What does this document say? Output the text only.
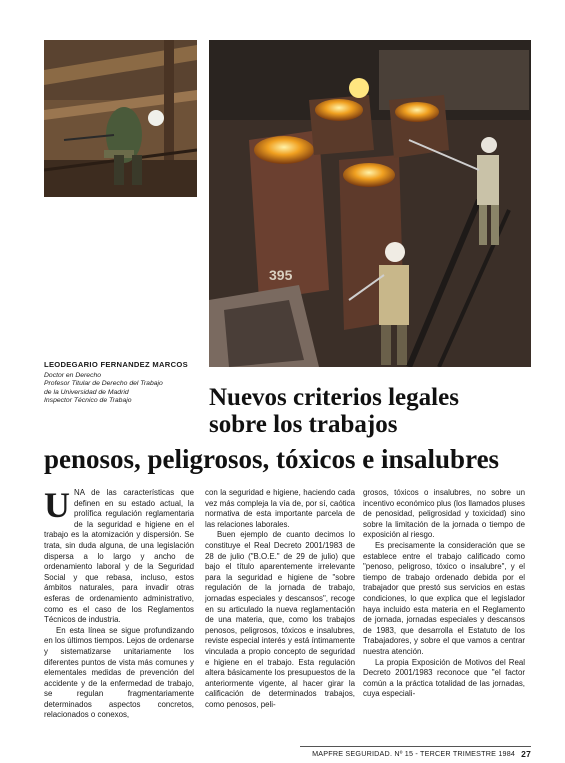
395
LEODEGARIO FERNANDEZ MARCOS
Doctor en Derecho
Profesor Titular de Derecho del Trabajo
de la Universidad de Madrid
Inspector Técnico de Trabajo	Nuevos criterios legales
sobre los trabajos
penosos, peligrosos, tóxicos e insalubres

UNA de las características que definen en su estado actual, la prolífica regulación reglamentaria de la seguridad e higiene en el trabajo es la atomización y dispersión. Se trata, sin duda alguna, de una legislación dispersa a lo largo y ancho de ordenamiento laboral y de la Seguridad Social y que rebasa, incluso, estos ámbitos naturales, para invadir otras esferas de ordenamiento administrativo, como es el caso de los Reglamentos Técnicos de industria.

En esta línea se sigue profundizando en los últimos tiempos. Lejos de ordenarse y sistematizarse unitariamente los diferentes puntos de vista más comunes y elementales medidas de prevención del accidente y de la enfermedad de trabajo, se regulan fragmentariamente determinados aspectos concretos, relacionados o conexos,

con la seguridad e higiene, haciendo cada vez más compleja la vía de, por sí, caótica normativa de esta importante parcela de las relaciones laborales.

Buen ejemplo de cuanto decimos lo constituye el Real Decreto 2001/1983 de 28 de julio ("B.O.E." de 29 de julio) que bajo el título aparentemente irrelevante para la seguridad e higiene de "sobre regulación de la jornada de trabajo, jornadas especiales y descansos", recoge en su articulado la nueva reglamentación de una materia, que, como los trabajos penosos, peligrosos, tóxicos e insalubres, reviste especial interés y está íntimamente vinculada a propio concepto de seguridad e higiene en el trabajo. Esta regulación altera básicamente los presupuestos de la anteriormente vigente, al hacer girar la calificación de determinados trabajos, como penosos, peli-

grosos, tóxicos o insalubres, no sobre un incentivo económico plus (los llamados pluses de penosidad, peligrosidad y toxicidad) sino sobre la limitación de la jornada o tiempo de exposición al riesgo.

Es precisamente la consideración que se establece entre el trabajo calificado como "penoso, peligroso, tóxico o insalubre", y el tiempo de trabajo ordenado debida por el trabajador que prestó sus servicios en estas condiciones, lo que explica que el legislador haya incluido esta materia en el Reglamento de jornada, jornadas especiales y descansos de 1983, que desarrolla el Estatuto de los Trabajadores, y sobre el que vamos a centrar nuestra atención.

La propia Exposición de Motivos del Real Decreto 2001/1983 reconoce que "el factor común a la práctica totalidad de las jornadas, cuya especiali-

MAPFRE SEGURIDAD. Nº 15 - TERCER TRIMESTRE 1984 27
